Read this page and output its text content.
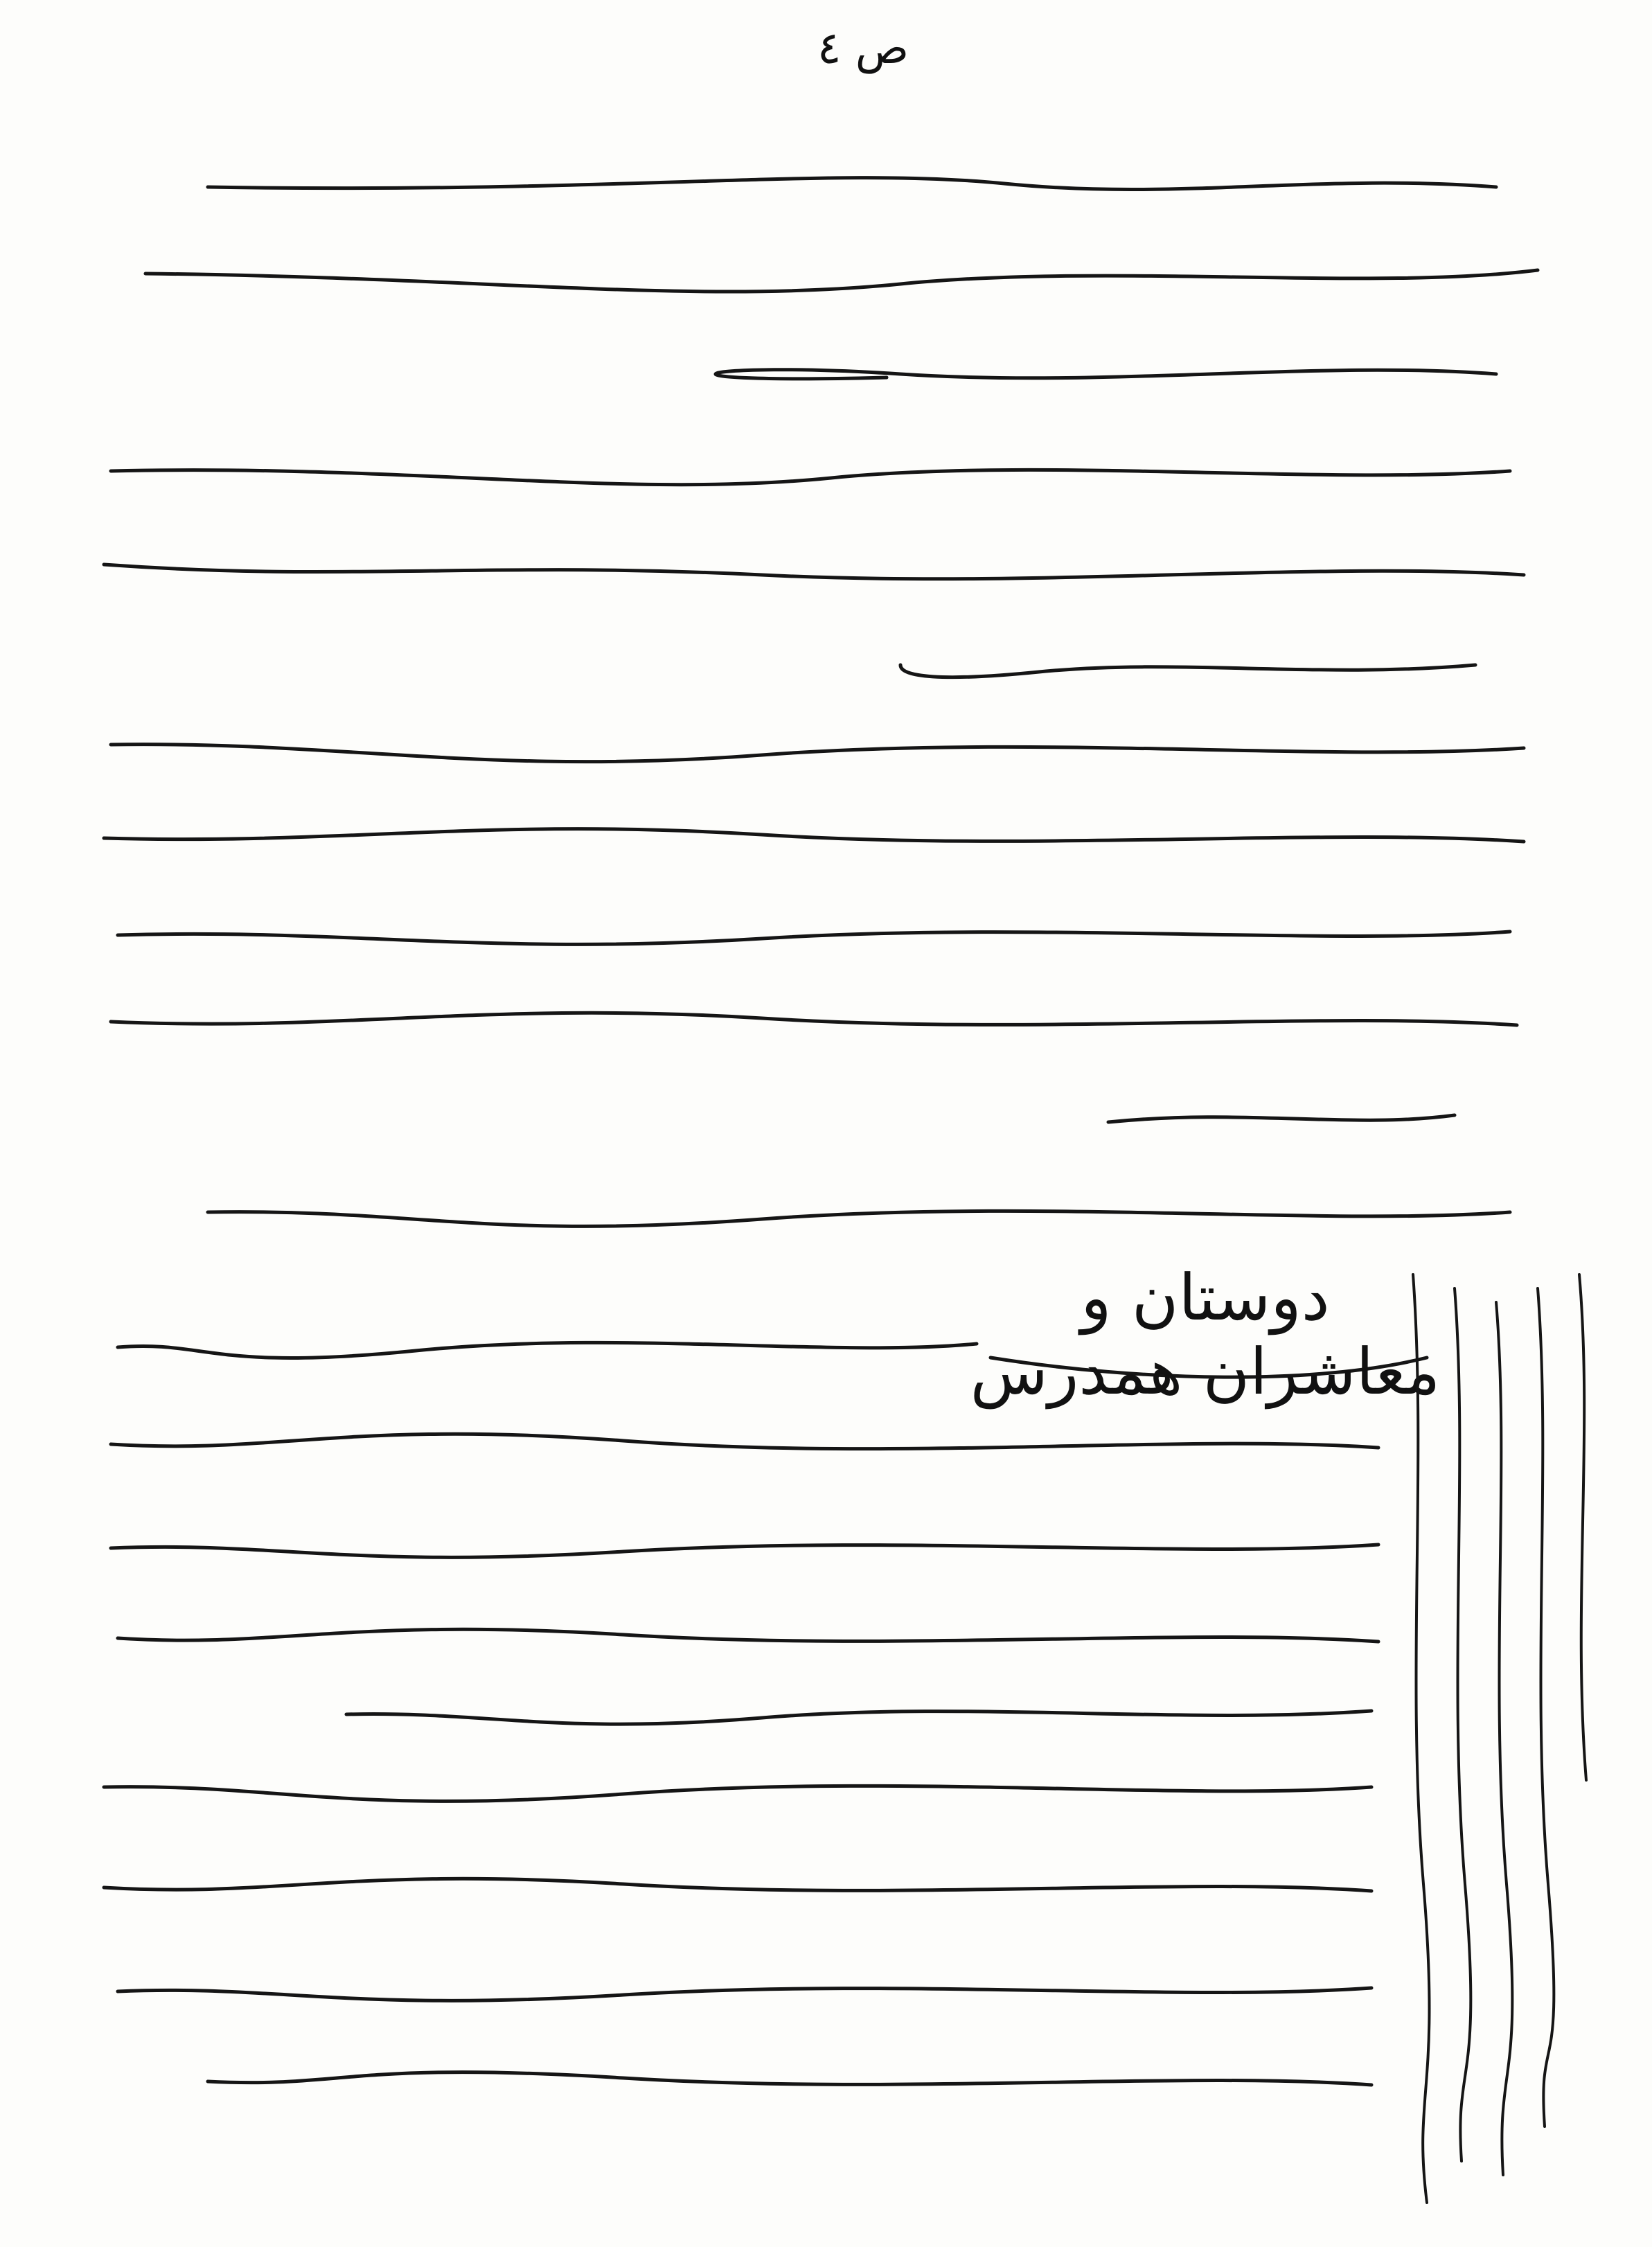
ص ٤
دوستان و معاشران همدرس
